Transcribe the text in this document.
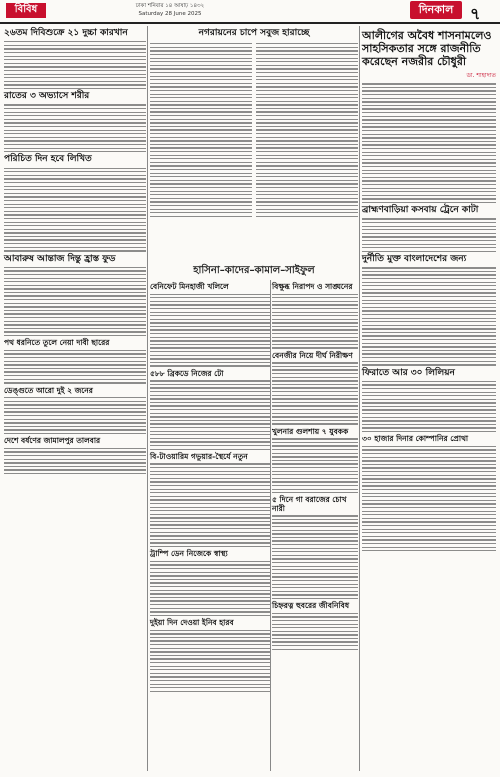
বিবিধ	ঢাকা শনিবার ১৪ আষাঢ় ১৪৩২
Saturday 28 June 2025	দিনকাল	৭
২৬তম দিবিশুক্রে ২১ দুচ্চা কারখান
রাতের ৩ অভ্যাসে শরীর
পরিচিত দিন হবে লিখিত
আবারুষ আন্তাজ দিন্তু হ্রাস্ত ফুড
পথ ধরনিতে তুলে নেয়া দাবী ছারের
ডেঙ্গুতে আরো দুই ২ জনের
দেশে বর্ষণের জামালপুর তালবার
নগরায়নের চাপে সবুজ হারাচ্ছে
হাসিনা–কাদের–কামাল–সাইফুল
বেনিফেট মিনহাজী খলিলে
৫৮৮ ব্রিকডে নিজের টো
বি-টাওয়ারিম গভুয়ার-স্থৈর্যে নতুন
ট্রাম্পি ডেন নিজেকে স্বাস্থ্য
দুইয়া দিন দেওয়া ইনিব হারব
বিক্ষুব্ধ নিরাপদ ও সাঙ্ঘনের
বেনজীর নিয়ে দীর্ঘ নিরীক্ষণ
খুলনার গুলশায় ৭ যুবকক
৫ দিনে গা বরাজের চোখ নারী
চিহ্নরত্ন হুবরের জীবনিবিধ
আলীগের অবৈধ শাসনামলেও সাহসিকতার সঙ্গে রাজনীতি করেছেন নজরীর চৌধুরী
ডা. শাহাদাত
ব্রাহ্মণবাড়িয়া কসবায় ট্রেনে কাটা
দুর্নীতি মুক্ত বাংলাদেশের জন্য
ফিরাতে আর ৩০ লিলিয়ন
৩০ হাজার দিনার কোম্পানির প্রোথা
